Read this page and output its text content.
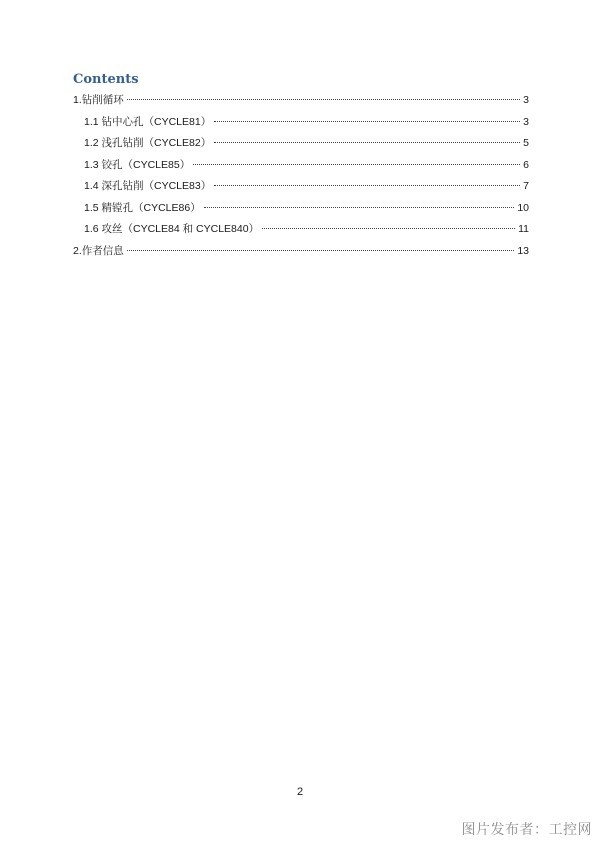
Contents
1.钻削循环	3
1.1 钻中心孔（CYCLE81）	3
1.2 浅孔钻削（CYCLE82）	5
1.3 铰孔（CYCLE85）	6
1.4 深孔钻削（CYCLE83）	7
1.5 精镗孔（CYCLE86）	10
1.6 攻丝（CYCLE84 和 CYCLE840）	11
2.作者信息	13
2
图片发布者：工控网
